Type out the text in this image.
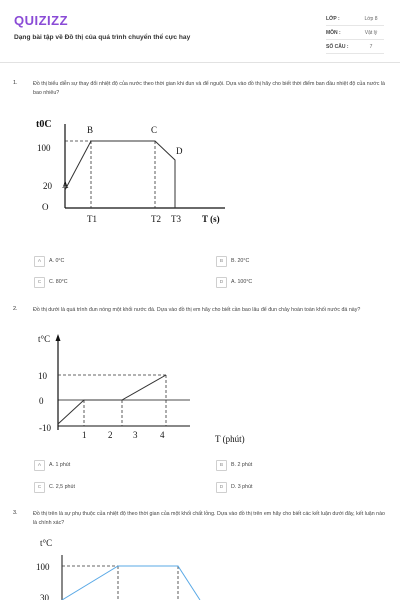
QUIZIZZ
Dạng bài tập về Đồ thị của quá trình chuyển thể cực hay
LỚP :	Lớp 8
MÔN :	Vật lý
SỐ CÂU :	7
1.	Đồ thị biểu diễn sự thay đổi nhiệt độ của nước theo thời gian khi đun và để nguội. Dựa vào đồ thị hãy cho biết thời điểm ban đầu nhiệt độ của nước là bao nhiêu?
t0C
100
20
O
A
B	C
D
T1	T2 T3 T (s)
A	A. 0°C	B	B. 20°C
C	C. 80°C	D	A. 100°C
2.	Đồ thị dưới là quá trình đun nóng một khối nước đá. Dựa vào đồ thị em hãy cho biết cần bao lâu để đun chảy hoàn toàn khối nước đá này?
t°C
10
0
-10
1 2 3	4	T (phút)
A	A. 1 phút	B	B. 2 phút
C	C. 2,5 phút	D	D. 3 phút
3.	Đồ thị trên là sự phụ thuộc của nhiệt độ theo thời gian của một khối chất lỏng. Dựa vào đồ thị trên em hãy cho biết các kết luận dưới đây, kết luận nào là chính xác?
t°C
100
30
